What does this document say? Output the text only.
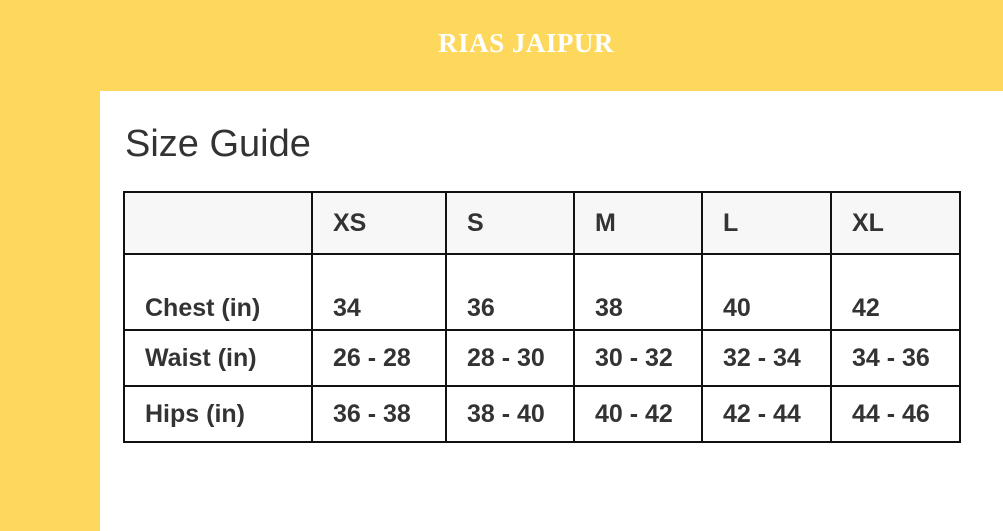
RIAS JAIPUR
Size Guide
	XS	S	M	L	XL
Chest (in)	34	36	38	40	42
Waist (in)	26 - 28	28 - 30	30 - 32	32 - 34	34 - 36
Hips (in)	36 - 38	38 - 40	40 - 42	42 - 44	44 - 46
